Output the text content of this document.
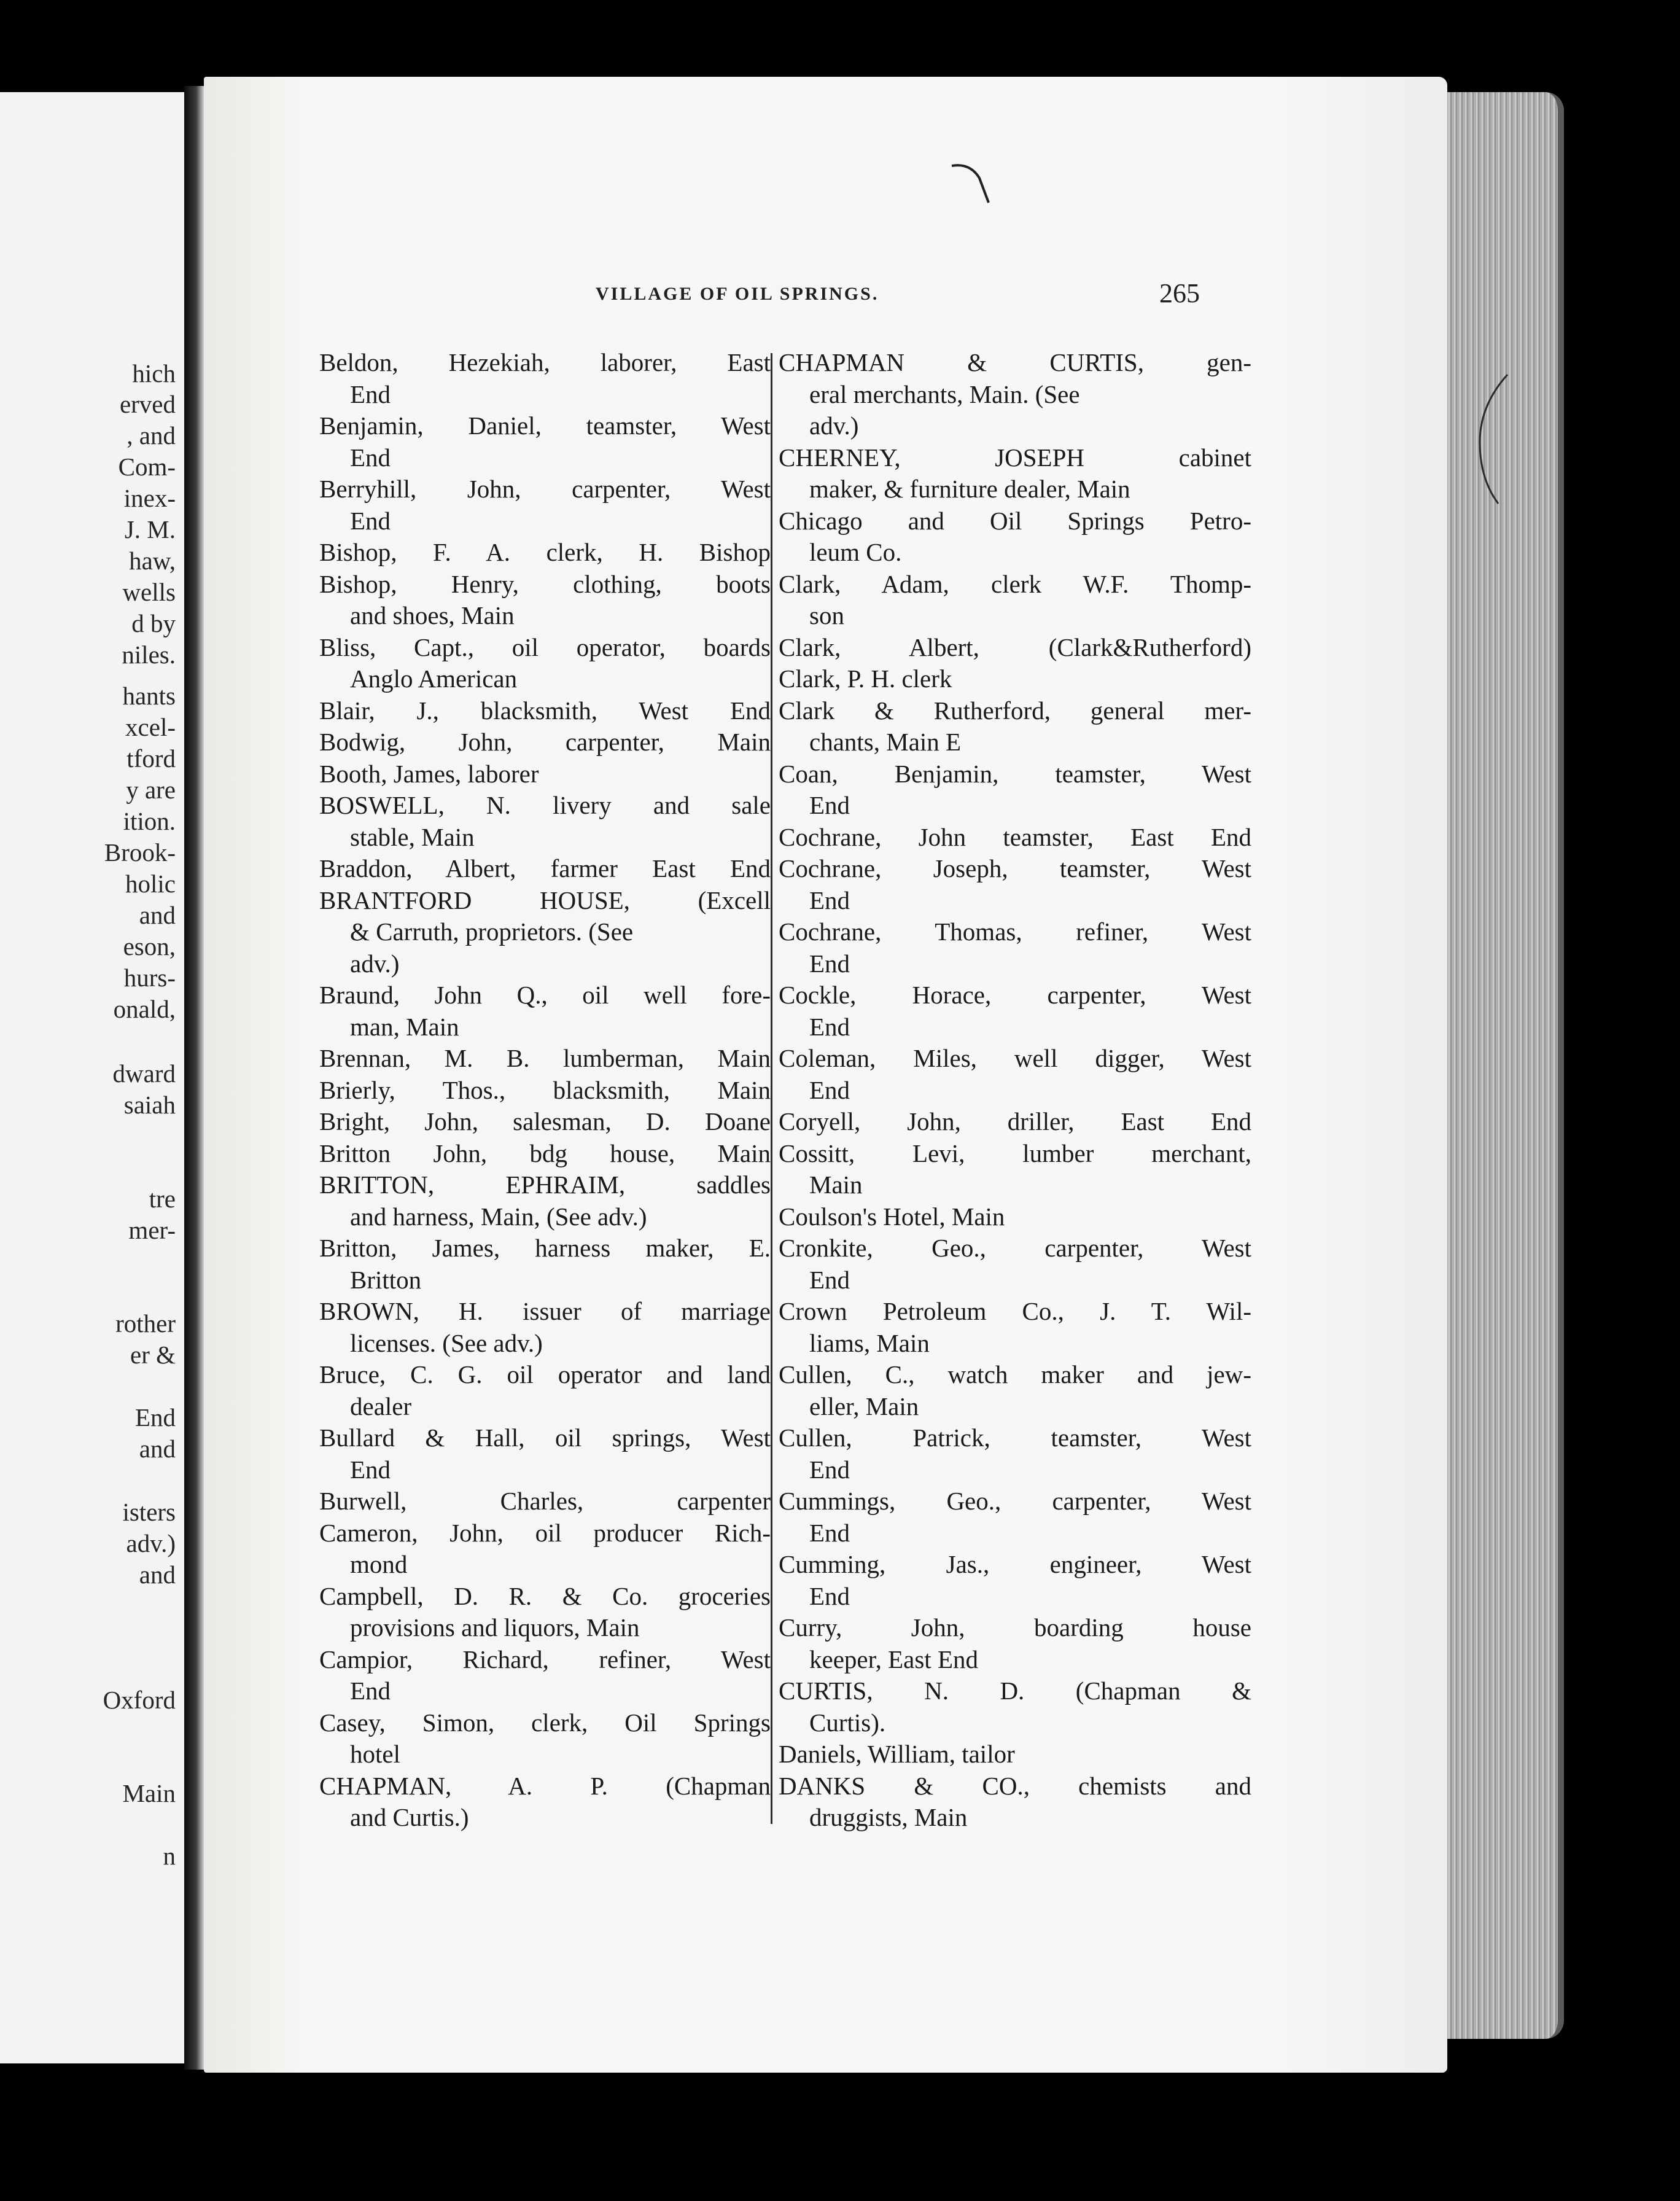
hich
erved
, and
Com-
inex-
J. M.
haw,
wells
d by
niles.
hants
xcel-
tford
y are
ition.
Brook-
holic
and
eson,
hurs-
onald,
dward
saiah
tre
mer-
rother
er &
End
and
isters
adv.)
and
Oxford
Main
n
VILLAGE OF OIL SPRINGS.	265
Beldon, Hezekiah, laborer, East
End
Benjamin, Daniel, teamster, West
End
Berryhill, John, carpenter, West
End
Bishop, F. A. clerk, H. Bishop
Bishop, Henry, clothing, boots
and shoes, Main
Bliss, Capt., oil operator, boards
Anglo American
Blair, J., blacksmith, West End
Bodwig, John, carpenter, Main
Booth, James, laborer
BOSWELL, N. livery and sale
stable, Main
Braddon, Albert, farmer East End
BRANTFORD HOUSE, (Excell
& Carruth, proprietors. (See
adv.)
Braund, John Q., oil well fore-
man, Main
Brennan, M. B. lumberman, Main
Brierly, Thos., blacksmith, Main
Bright, John, salesman, D. Doane
Britton John, bdg house, Main
BRITTON, EPHRAIM, saddles
and harness, Main, (See adv.)
Britton, James, harness maker, E.
Britton
BROWN, H. issuer of marriage
licenses. (See adv.)
Bruce, C. G. oil operator and land
dealer
Bullard & Hall, oil springs, West
End
Burwell, Charles, carpenter
Cameron, John, oil producer Rich-
mond
Campbell, D. R. & Co. groceries
provisions and liquors, Main
Campior, Richard, refiner, West
End
Casey, Simon, clerk, Oil Springs
hotel
CHAPMAN, A. P. (Chapman
and Curtis.)
CHAPMAN & CURTIS, gen-
eral merchants, Main. (See
adv.)
CHERNEY, JOSEPH cabinet
maker, & furniture dealer, Main
Chicago and Oil Springs Petro-
leum Co.
Clark, Adam, clerk W.F. Thomp-
son
Clark, Albert, (Clark&Rutherford)
Clark, P. H. clerk
Clark & Rutherford, general mer-
chants, Main E
Coan, Benjamin, teamster, West
End
Cochrane, John teamster, East End
Cochrane, Joseph, teamster, West
End
Cochrane, Thomas, refiner, West
End
Cockle, Horace, carpenter, West
End
Coleman, Miles, well digger, West
End
Coryell, John, driller, East End
Cossitt, Levi, lumber merchant,
Main
Coulson's Hotel, Main
Cronkite, Geo., carpenter, West
End
Crown Petroleum Co., J. T. Wil-
liams, Main
Cullen, C., watch maker and jew-
eller, Main
Cullen, Patrick, teamster, West
End
Cummings, Geo., carpenter, West
End
Cumming, Jas., engineer, West
End
Curry, John, boarding house
keeper, East End
CURTIS, N. D. (Chapman &
Curtis).
Daniels, William, tailor
DANKS & CO., chemists and
druggists, Main
